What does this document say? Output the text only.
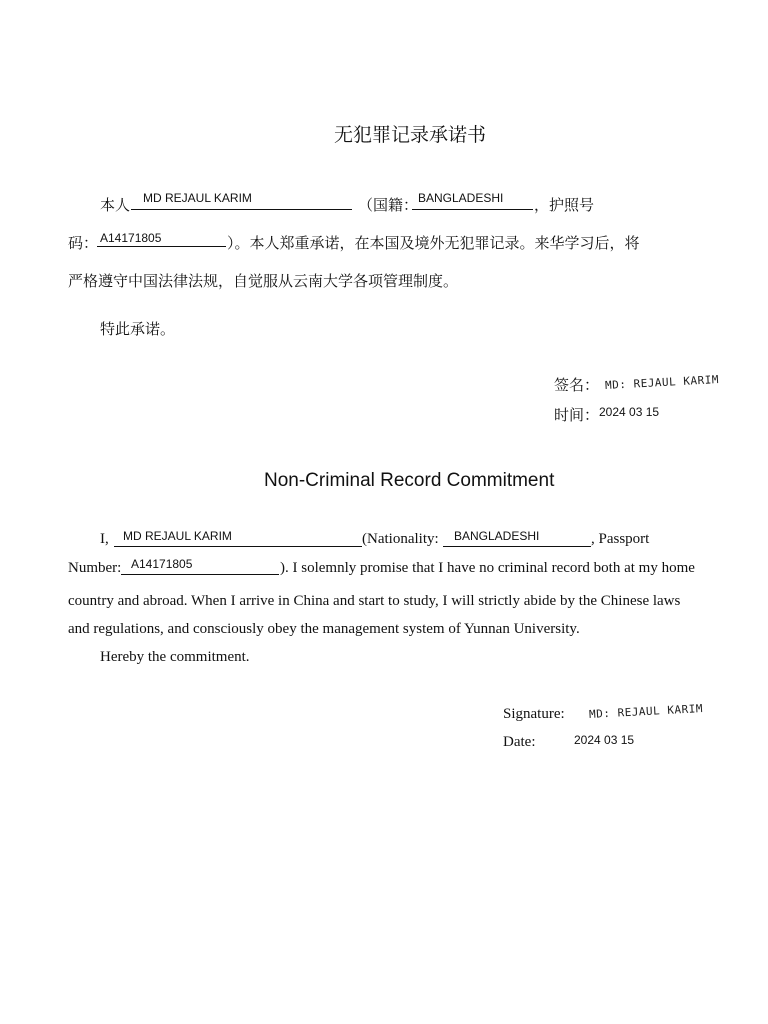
无犯罪记录承诺书
本人 MD REJAUL KARIM	（国籍： BANGLADESHI ，护照号
码： A14171805	）。本人郑重承诺，在本国及境外无犯罪记录。来华学习后，将
严格遵守中国法律法规，自觉服从云南大学各项管理制度。
特此承诺。
签名： MD: REJAUL KARIM
时间： 2024 03 15
Non-Criminal Record Commitment
I, MD REJAUL KARIM	(Nationality: BANGLADESHI	, Passport
Number: A14171805	). I solemnly promise that I have no criminal record both at my home
country and abroad. When I arrive in China and start to study, I will strictly abide by the Chinese laws
and regulations, and consciously obey the management system of Yunnan University.
Hereby the commitment.
Signature: MD: REJAUL KARIM
Date:	2024 03 15
